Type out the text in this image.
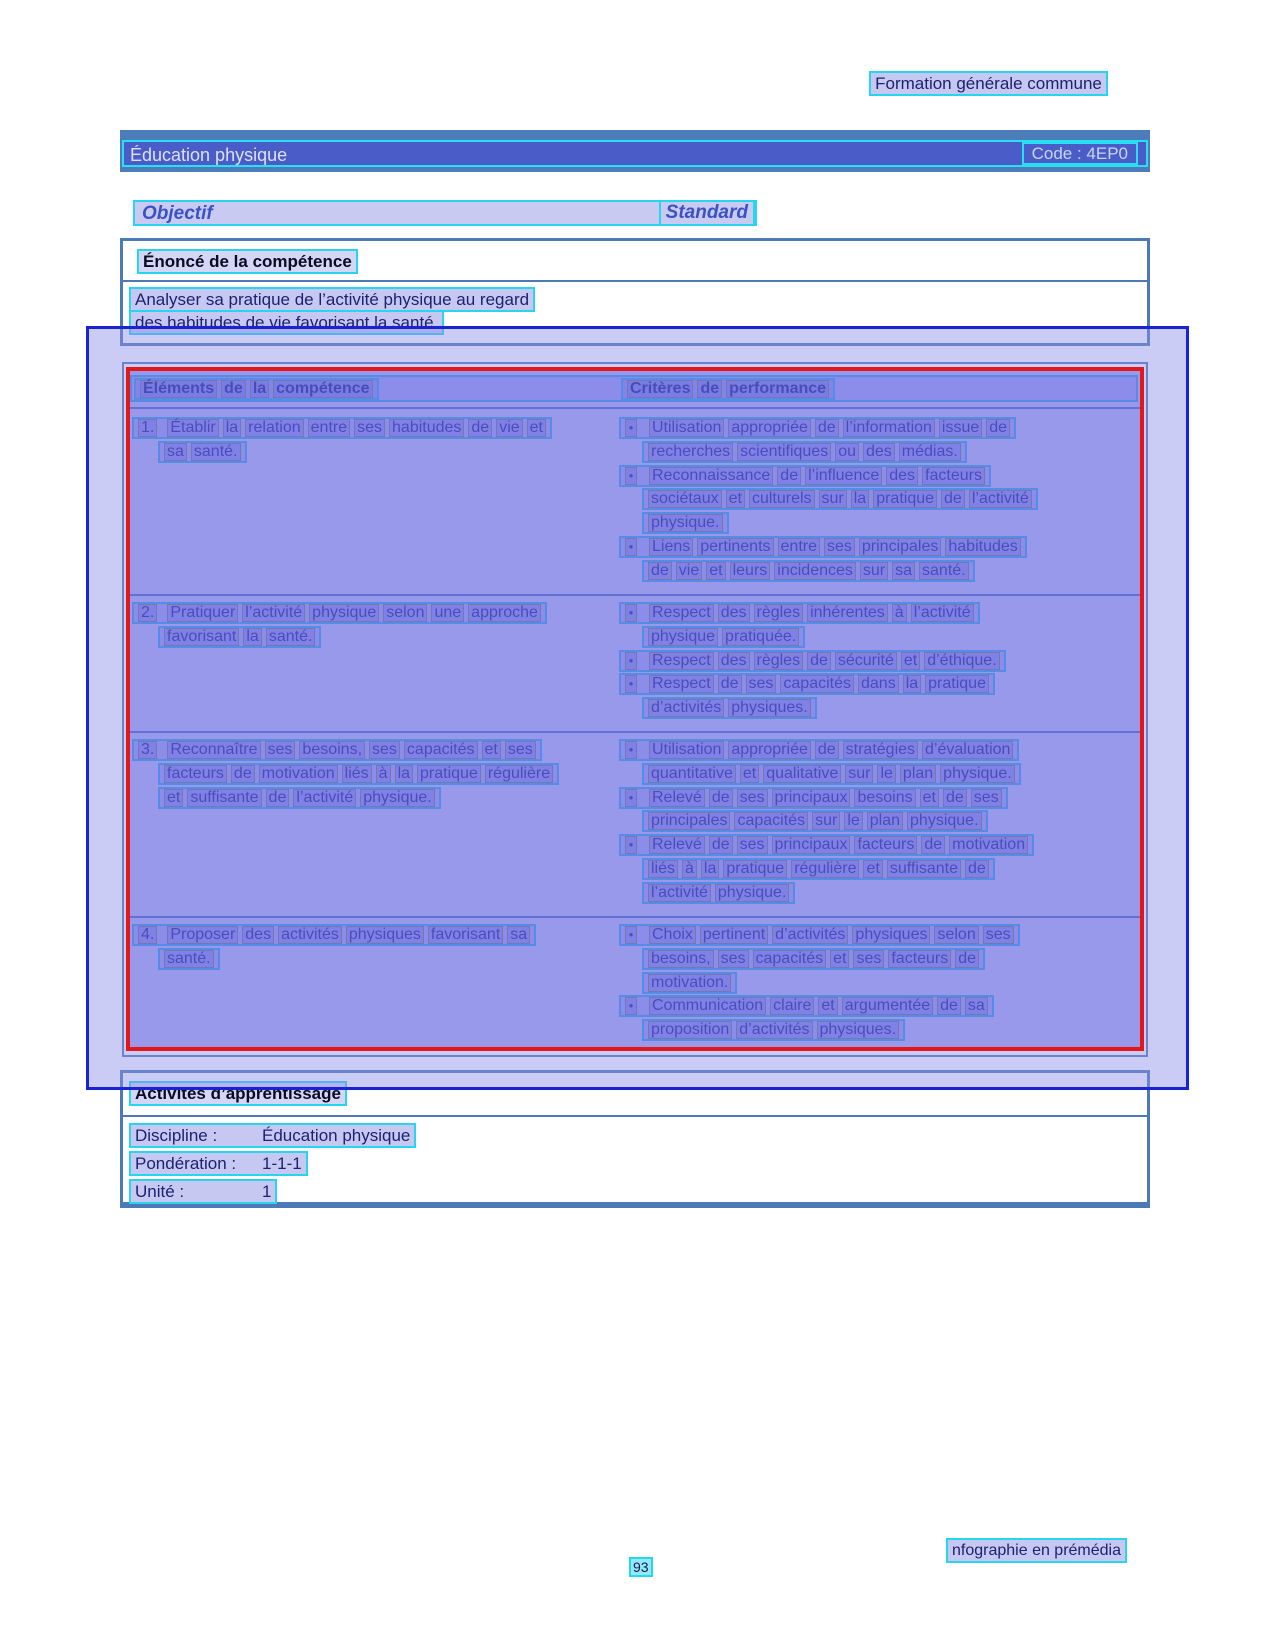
Formation générale commune
Éducation physique	Code : 4EP0
Objectif	Standard
Énoncé de la compétence
Analyser sa pratique de l’activité physique au regard
des habitudes de vie favorisant la santé.
Éléments de la compétence	Critères de performance
1. Établir la relation entre ses habitudes de vie et
sa santé.
• Utilisation appropriée de l’information issue de
recherches scientifiques ou des médias.
• Reconnaissance de l’influence des facteurs
sociétaux et culturels sur la pratique de l’activité
physique.
• Liens pertinents entre ses principales habitudes
de vie et leurs incidences sur sa santé.
2. Pratiquer l’activité physique selon une approche
favorisant la santé.
• Respect des règles inhérentes à l’activité
physique pratiquée.
• Respect des règles de sécurité et d’éthique.
• Respect de ses capacités dans la pratique
d’activités physiques.
3. Reconnaître ses besoins, ses capacités et ses
facteurs de motivation liés à la pratique régulière
et suffisante de l’activité physique.
• Utilisation appropriée de stratégies d’évaluation
quantitative et qualitative sur le plan physique.
• Relevé de ses principaux besoins et de ses
principales capacités sur le plan physique.
• Relevé de ses principaux facteurs de motivation
liés à la pratique régulière et suffisante de
l’activité physique.
4. Proposer des activités physiques favorisant sa
santé.
• Choix pertinent d’activités physiques selon ses
besoins, ses capacités et ses facteurs de
motivation.
• Communication claire et argumentée de sa
proposition d’activités physiques.
Activités d’apprentissage
Discipline :	Éducation physique
Pondération : 1-1-1
Unité :	1
nfographie en prémédia
93
